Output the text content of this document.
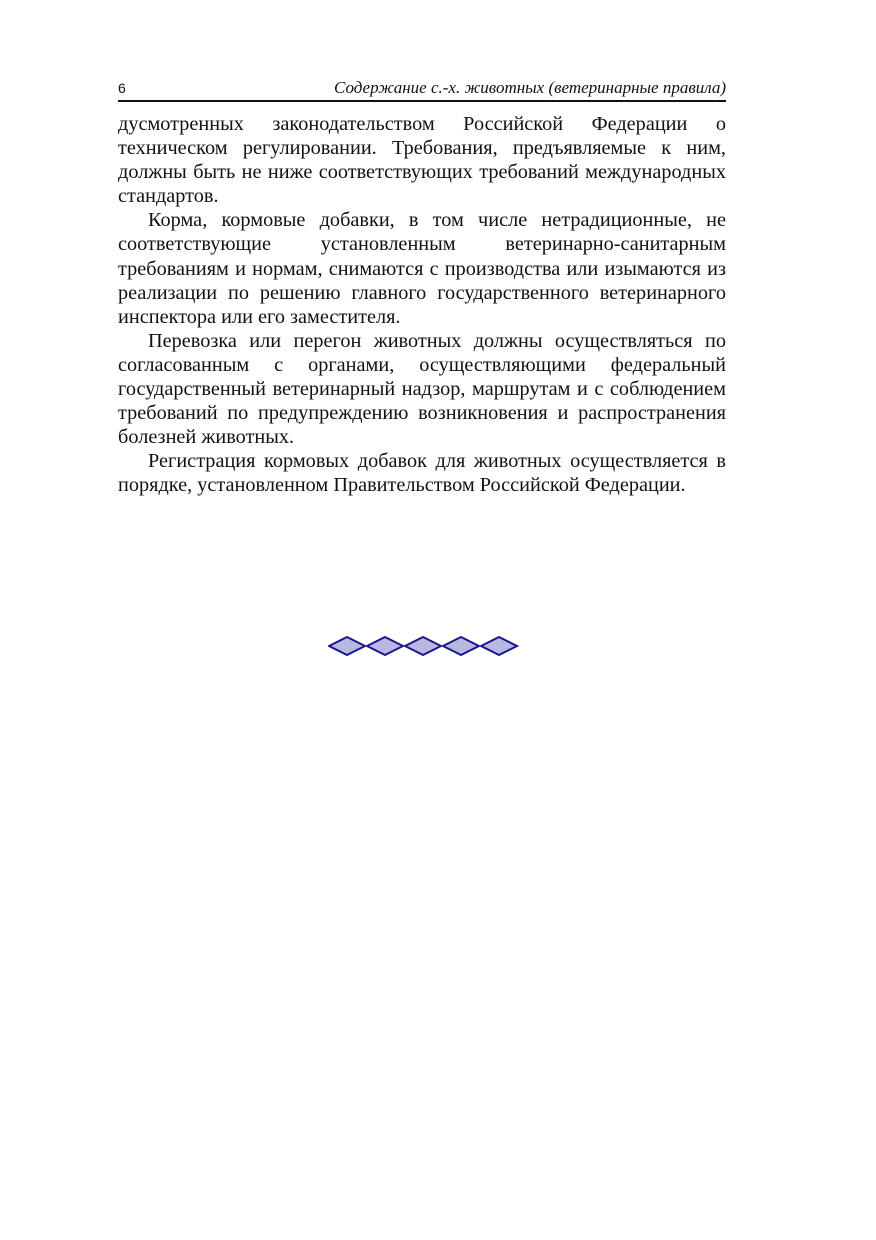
6	Содержание с.-х. животных (ветеринарные правила)

дусмотренных законодательством Российской Федерации о техническом регулировании. Требования, предъявляемые к ним, должны быть не ниже соответствующих требований международных стандартов.

Корма, кормовые добавки, в том числе нетрадиционные, не соответствующие установленным ветеринарно-санитарным требованиям и нормам, снимаются с производства или изымаются из реализации по решению главного государственного ветеринарного инспектора или его заместителя.

Перевозка или перегон животных должны осуществляться по согласованным с органами, осуществляющими федеральный государственный ветеринарный надзор, маршрутам и с соблюдением требований по предупреждению возникновения и распространения болезней животных.

Регистрация кормовых добавок для животных осуществляется в порядке, установленном Правительством Российской Федерации.
